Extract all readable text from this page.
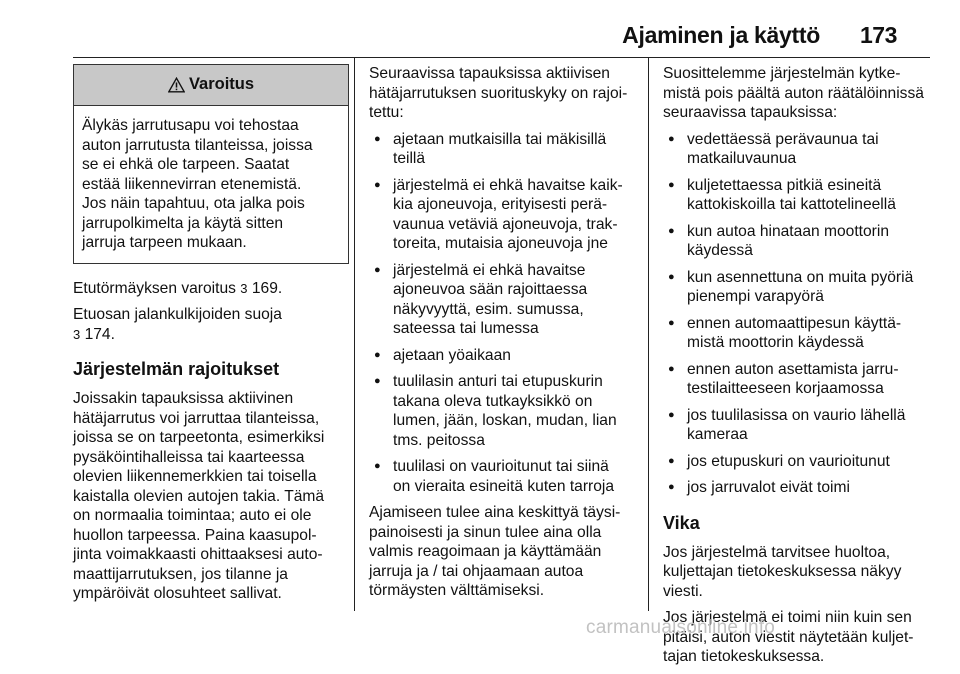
Ajaminen ja käyttö 173
Varoitus
Älykäs jarrutusapu voi tehostaa
auton jarrutusta tilanteissa, joissa
se ei ehkä ole tarpeen. Saatat
estää liikennevirran etenemistä.
Jos näin tapahtuu, ota jalka pois
jarrupolkimelta ja käytä sitten
jarruja tarpeen mukaan.

Etutörmäyksen varoitus 3 169.

Etuosan jalankulkijoiden suoja
3 174.

Järjestelmän rajoitukset
Joissakin tapauksissa aktiivinen
hätäjarrutus voi jarruttaa tilanteissa,
joissa se on tarpeetonta, esimerkiksi
pysäköintihalleissa tai kaarteessa
olevien liikennemerkkien tai toisella
kaistalla olevien autojen takia. Tämä
on normaalia toimintaa; auto ei ole
huollon tarpeessa. Paina kaasupol-
jinta voimakkaasti ohittaaksesi auto-
maattijarrutuksen, jos tilanne ja
ympäröivät olosuhteet sallivat.

Seuraavissa tapauksissa aktiivisen
hätäjarrutuksen suorituskyky on rajoi-
tettu:

● ajetaan mutkaisilla tai mäkisillä
teillä
● järjestelmä ei ehkä havaitse kaik-
kia ajoneuvoja, erityisesti perä-
vaunua vetäviä ajoneuvoja, trak-
toreita, mutaisia ajoneuvoja jne
● järjestelmä ei ehkä havaitse
ajoneuvoa sään rajoittaessa
näkyvyyttä, esim. sumussa,
sateessa tai lumessa
● ajetaan yöaikaan
● tuulilasin anturi tai etupuskurin
takana oleva tutkayksikkö on
lumen, jään, loskan, mudan, lian
tms. peitossa
● tuulilasi on vaurioitunut tai siinä
on vieraita esineitä kuten tarroja

Ajamiseen tulee aina keskittyä täysi-
painoisesti ja sinun tulee aina olla
valmis reagoimaan ja käyttämään
jarruja ja / tai ohjaamaan autoa
törmäysten välttämiseksi.

Suosittelemme järjestelmän kytke-
mistä pois päältä auton räätälöinnissä
seuraavissa tapauksissa:

● vedettäessä perävaunua tai
matkailuvaunua
● kuljetettaessa pitkiä esineitä
kattokiskoilla tai kattotelineellä
● kun autoa hinataan moottorin
käydessä
● kun asennettuna on muita pyöriä
pienempi varapyörä
● ennen automaattipesun käyttä-
mistä moottorin käydessä
● ennen auton asettamista jarru-
testilaitteeseen korjaamossa
● jos tuulilasissa on vaurio lähellä
kameraa
● jos etupuskuri on vaurioitunut
● jos jarruvalot eivät toimi
Vika

Jos järjestelmä tarvitsee huoltoa,
kuljettajan tietokeskuksessa näkyy
viesti.

Jos järjestelmä ei toimi niin kuin sen
pitäisi, auton viestit näytetään kuljet-
tajan tietokeskuksessa.

carmanualsonline.info
